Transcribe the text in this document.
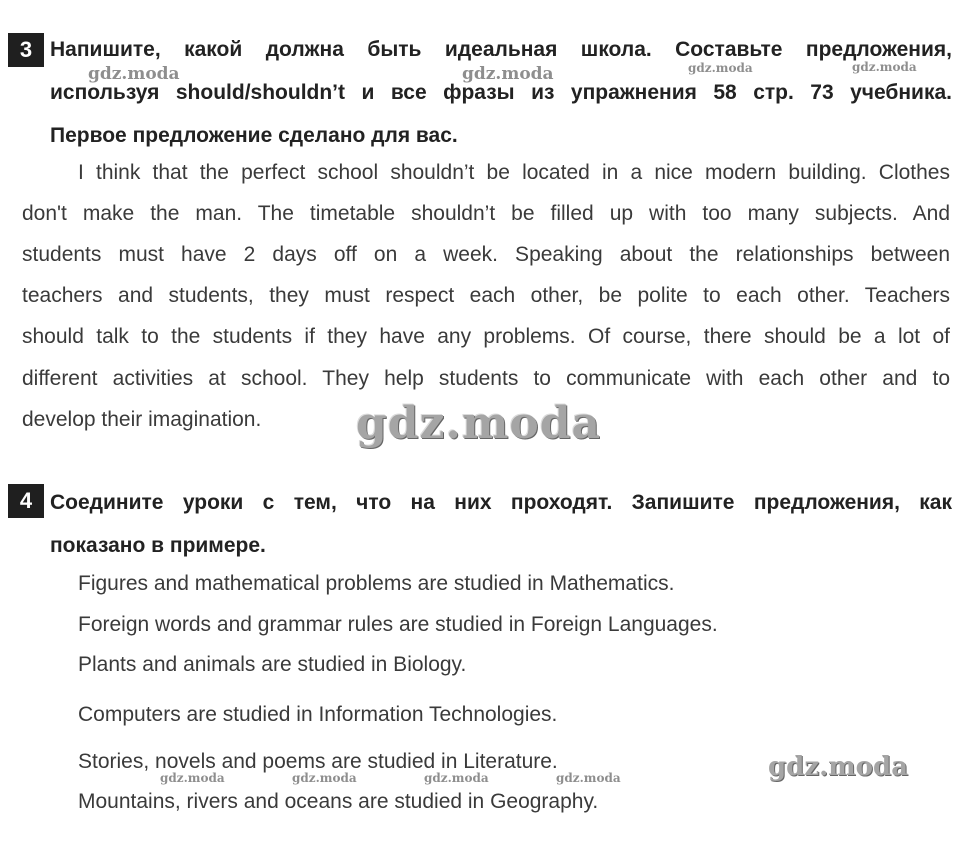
3 Напишите, какой должна быть идеальная школа. Составьте предложения,
используя should/shouldn’t и все фразы из упражнения 58 стр. 73 учебника.
Первое предложение сделано для вас.
I think that the perfect school shouldn’t be located in a nice modern building. Clothes
don't make the man. The timetable shouldn’t be filled up with too many subjects. And
students must have 2 days off on a week. Speaking about the relationships between
teachers and students, they must respect each other, be polite to each other. Teachers
should talk to the students if they have any problems. Of course, there should be a lot of
different activities at school. They help students to communicate with each other and to
develop their imagination.
4 Соедините уроки с тем, что на них проходят. Запишите предложения, как
показано в примере.
Figures and mathematical problems are studied in Mathematics.
Foreign words and grammar rules are studied in Foreign Languages.
Plants and animals are studied in Biology.
Computers are studied in Information Technologies.
Stories, novels and poems are studied in Literature.
Mountains, rivers and oceans are studied in Geography.
gdz.moda	gdz.moda	gdz.moda	gdz.moda
gdz.moda
gdz.moda	gdz.moda	gdz.moda	gdz.moda	gdz.moda
